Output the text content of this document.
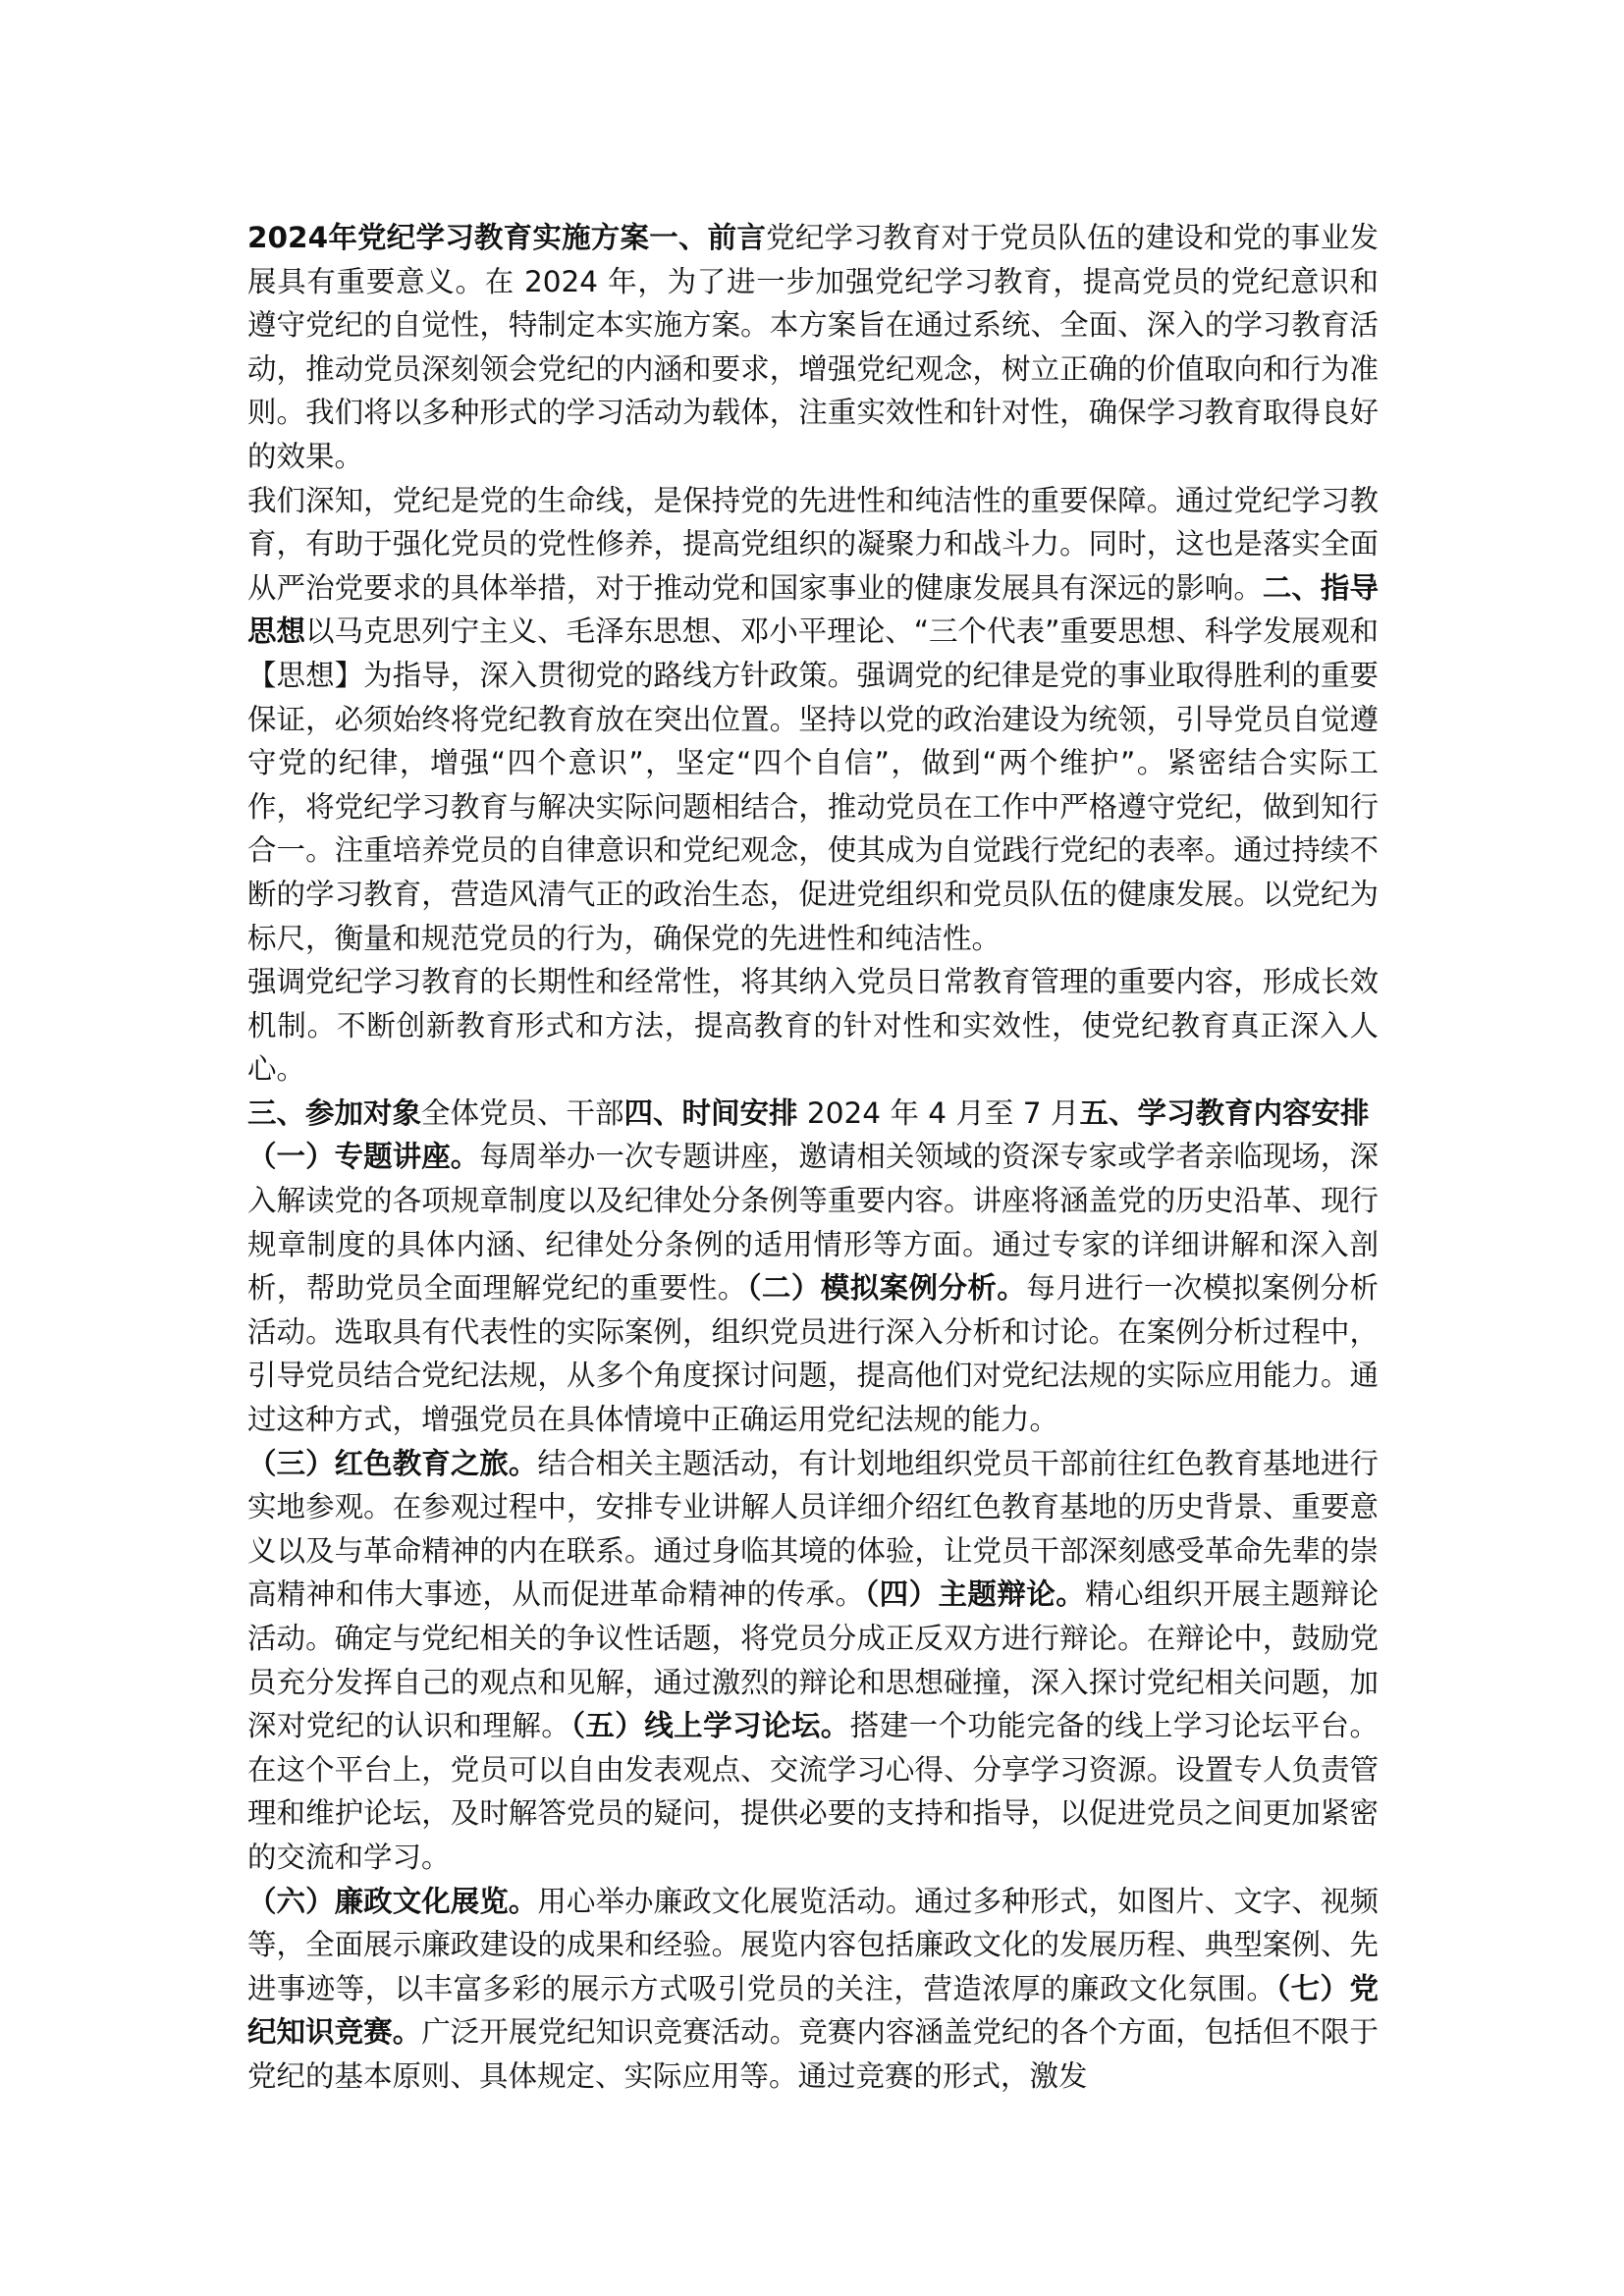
2024年党纪学习教育实施方案一、前言党纪学习教育对于党员队伍的建设和党的事业发展具有重要意义。在 2024 年，为了进一步加强党纪学习教育，提高党员的党纪意识和遵守党纪的自觉性，特制定本实施方案。本方案旨在通过系统、全面、深入的学习教育活动，推动党员深刻领会党纪的内涵和要求，增强党纪观念，树立正确的价值取向和行为准则。我们将以多种形式的学习活动为载体，注重实效性和针对性，确保学习教育取得良好的效果。

我们深知，党纪是党的生命线，是保持党的先进性和纯洁性的重要保障。通过党纪学习教育，有助于强化党员的党性修养，提高党组织的凝聚力和战斗力。同时，这也是落实全面从严治党要求的具体举措，对于推动党和国家事业的健康发展具有深远的影响。二、指导思想以马克思列宁主义、毛泽东思想、邓小平理论、“三个代表”重要思想、科学发展观和【思想】为指导，深入贯彻党的路线方针政策。强调党的纪律是党的事业取得胜利的重要保证，必须始终将党纪教育放在突出位置。坚持以党的政治建设为统领，引导党员自觉遵守党的纪律，增强“四个意识”，坚定“四个自信”，做到“两个维护”。紧密结合实际工作，将党纪学习教育与解决实际问题相结合，推动党员在工作中严格遵守党纪，做到知行合一。注重培养党员的自律意识和党纪观念，使其成为自觉践行党纪的表率。通过持续不断的学习教育，营造风清气正的政治生态，促进党组织和党员队伍的健康发展。以党纪为标尺，衡量和规范党员的行为，确保党的先进性和纯洁性。

强调党纪学习教育的长期性和经常性，将其纳入党员日常教育管理的重要内容，形成长效机制。不断创新教育形式和方法，提高教育的针对性和实效性，使党纪教育真正深入人心。

三、参加对象全体党员、干部四、时间安排 2024 年 4 月至 7 月五、学习教育内容安排

（一）专题讲座。每周举办一次专题讲座，邀请相关领域的资深专家或学者亲临现场，深入解读党的各项规章制度以及纪律处分条例等重要内容。讲座将涵盖党的历史沿革、现行规章制度的具体内涵、纪律处分条例的适用情形等方面。通过专家的详细讲解和深入剖析，帮助党员全面理解党纪的重要性。（二）模拟案例分析。每月进行一次模拟案例分析活动。选取具有代表性的实际案例，组织党员进行深入分析和讨论。在案例分析过程中，引导党员结合党纪法规，从多个角度探讨问题，提高他们对党纪法规的实际应用能力。通过这种方式，增强党员在具体情境中正确运用党纪法规的能力。

（三）红色教育之旅。结合相关主题活动，有计划地组织党员干部前往红色教育基地进行实地参观。在参观过程中，安排专业讲解人员详细介绍红色教育基地的历史背景、重要意义以及与革命精神的内在联系。通过身临其境的体验，让党员干部深刻感受革命先辈的崇高精神和伟大事迹，从而促进革命精神的传承。（四）主题辩论。精心组织开展主题辩论活动。确定与党纪相关的争议性话题，将党员分成正反双方进行辩论。在辩论中，鼓励党员充分发挥自己的观点和见解，通过激烈的辩论和思想碰撞，深入探讨党纪相关问题，加深对党纪的认识和理解。（五）线上学习论坛。搭建一个功能完备的线上学习论坛平台。在这个平台上，党员可以自由发表观点、交流学习心得、分享学习资源。设置专人负责管理和维护论坛，及时解答党员的疑问，提供必要的支持和指导，以促进党员之间更加紧密的交流和学习。

（六）廉政文化展览。用心举办廉政文化展览活动。通过多种形式，如图片、文字、视频等，全面展示廉政建设的成果和经验。展览内容包括廉政文化的发展历程、典型案例、先进事迹等，以丰富多彩的展示方式吸引党员的关注，营造浓厚的廉政文化氛围。（七）党纪知识竞赛。广泛开展党纪知识竞赛活动。竞赛内容涵盖党纪的各个方面，包括但不限于党纪的基本原则、具体规定、实际应用等。通过竞赛的形式，激发
